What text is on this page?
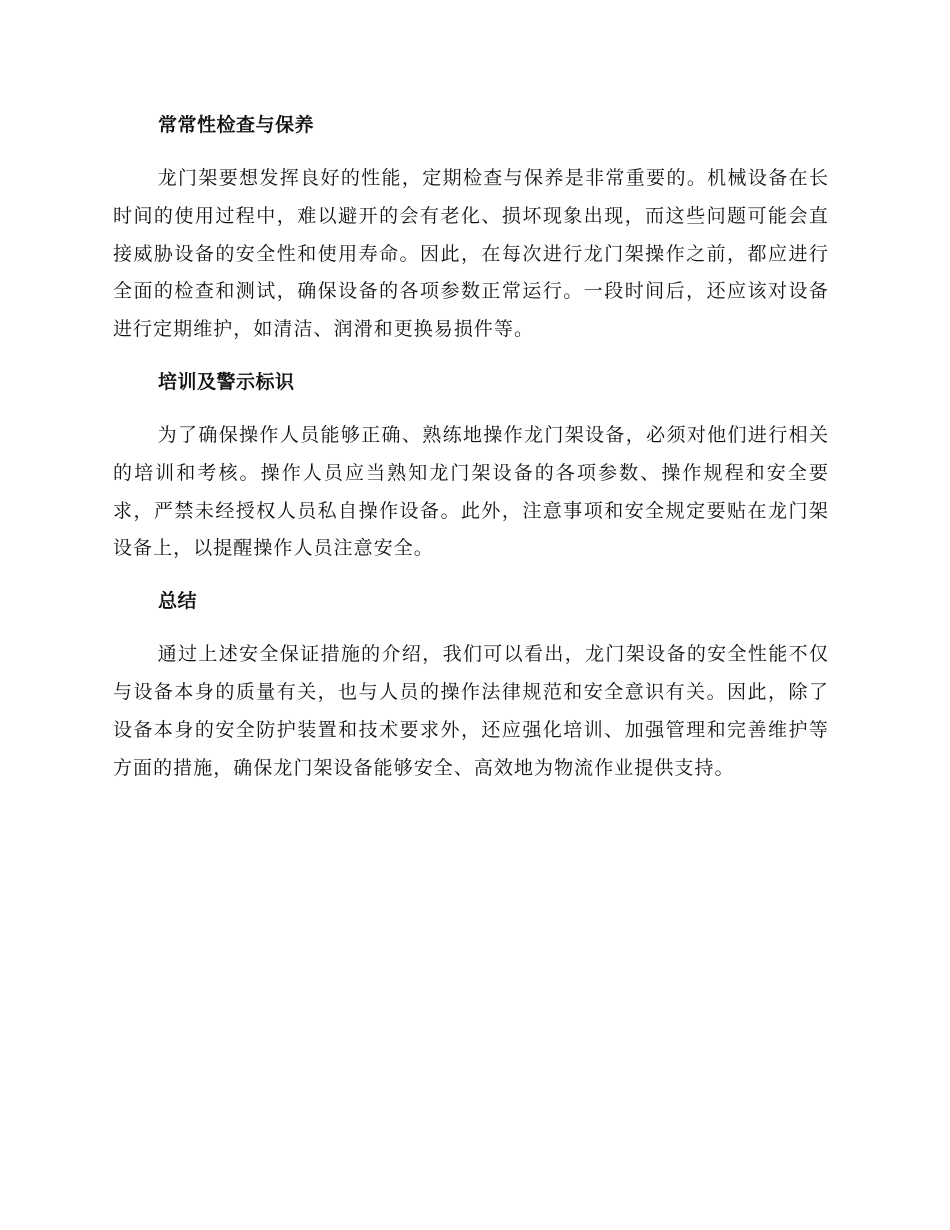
常常性检查与保养

龙门架要想发挥良好的性能，定期检查与保养是非常重要的。机械设备在长时间的使用过程中，难以避开的会有老化、损坏现象出现，而这些问题可能会直接威胁设备的安全性和使用寿命。因此，在每次进行龙门架操作之前，都应进行全面的检查和测试，确保设备的各项参数正常运行。一段时间后，还应该对设备进行定期维护，如清洁、润滑和更换易损件等。

培训及警示标识

为了确保操作人员能够正确、熟练地操作龙门架设备，必须对他们进行相关的培训和考核。操作人员应当熟知龙门架设备的各项参数、操作规程和安全要求，严禁未经授权人员私自操作设备。此外，注意事项和安全规定要贴在龙门架设备上，以提醒操作人员注意安全。

总结

通过上述安全保证措施的介绍，我们可以看出，龙门架设备的安全性能不仅与设备本身的质量有关，也与人员的操作法律规范和安全意识有关。因此，除了设备本身的安全防护装置和技术要求外，还应强化培训、加强管理和完善维护等方面的措施，确保龙门架设备能够安全、高效地为物流作业提供支持。
